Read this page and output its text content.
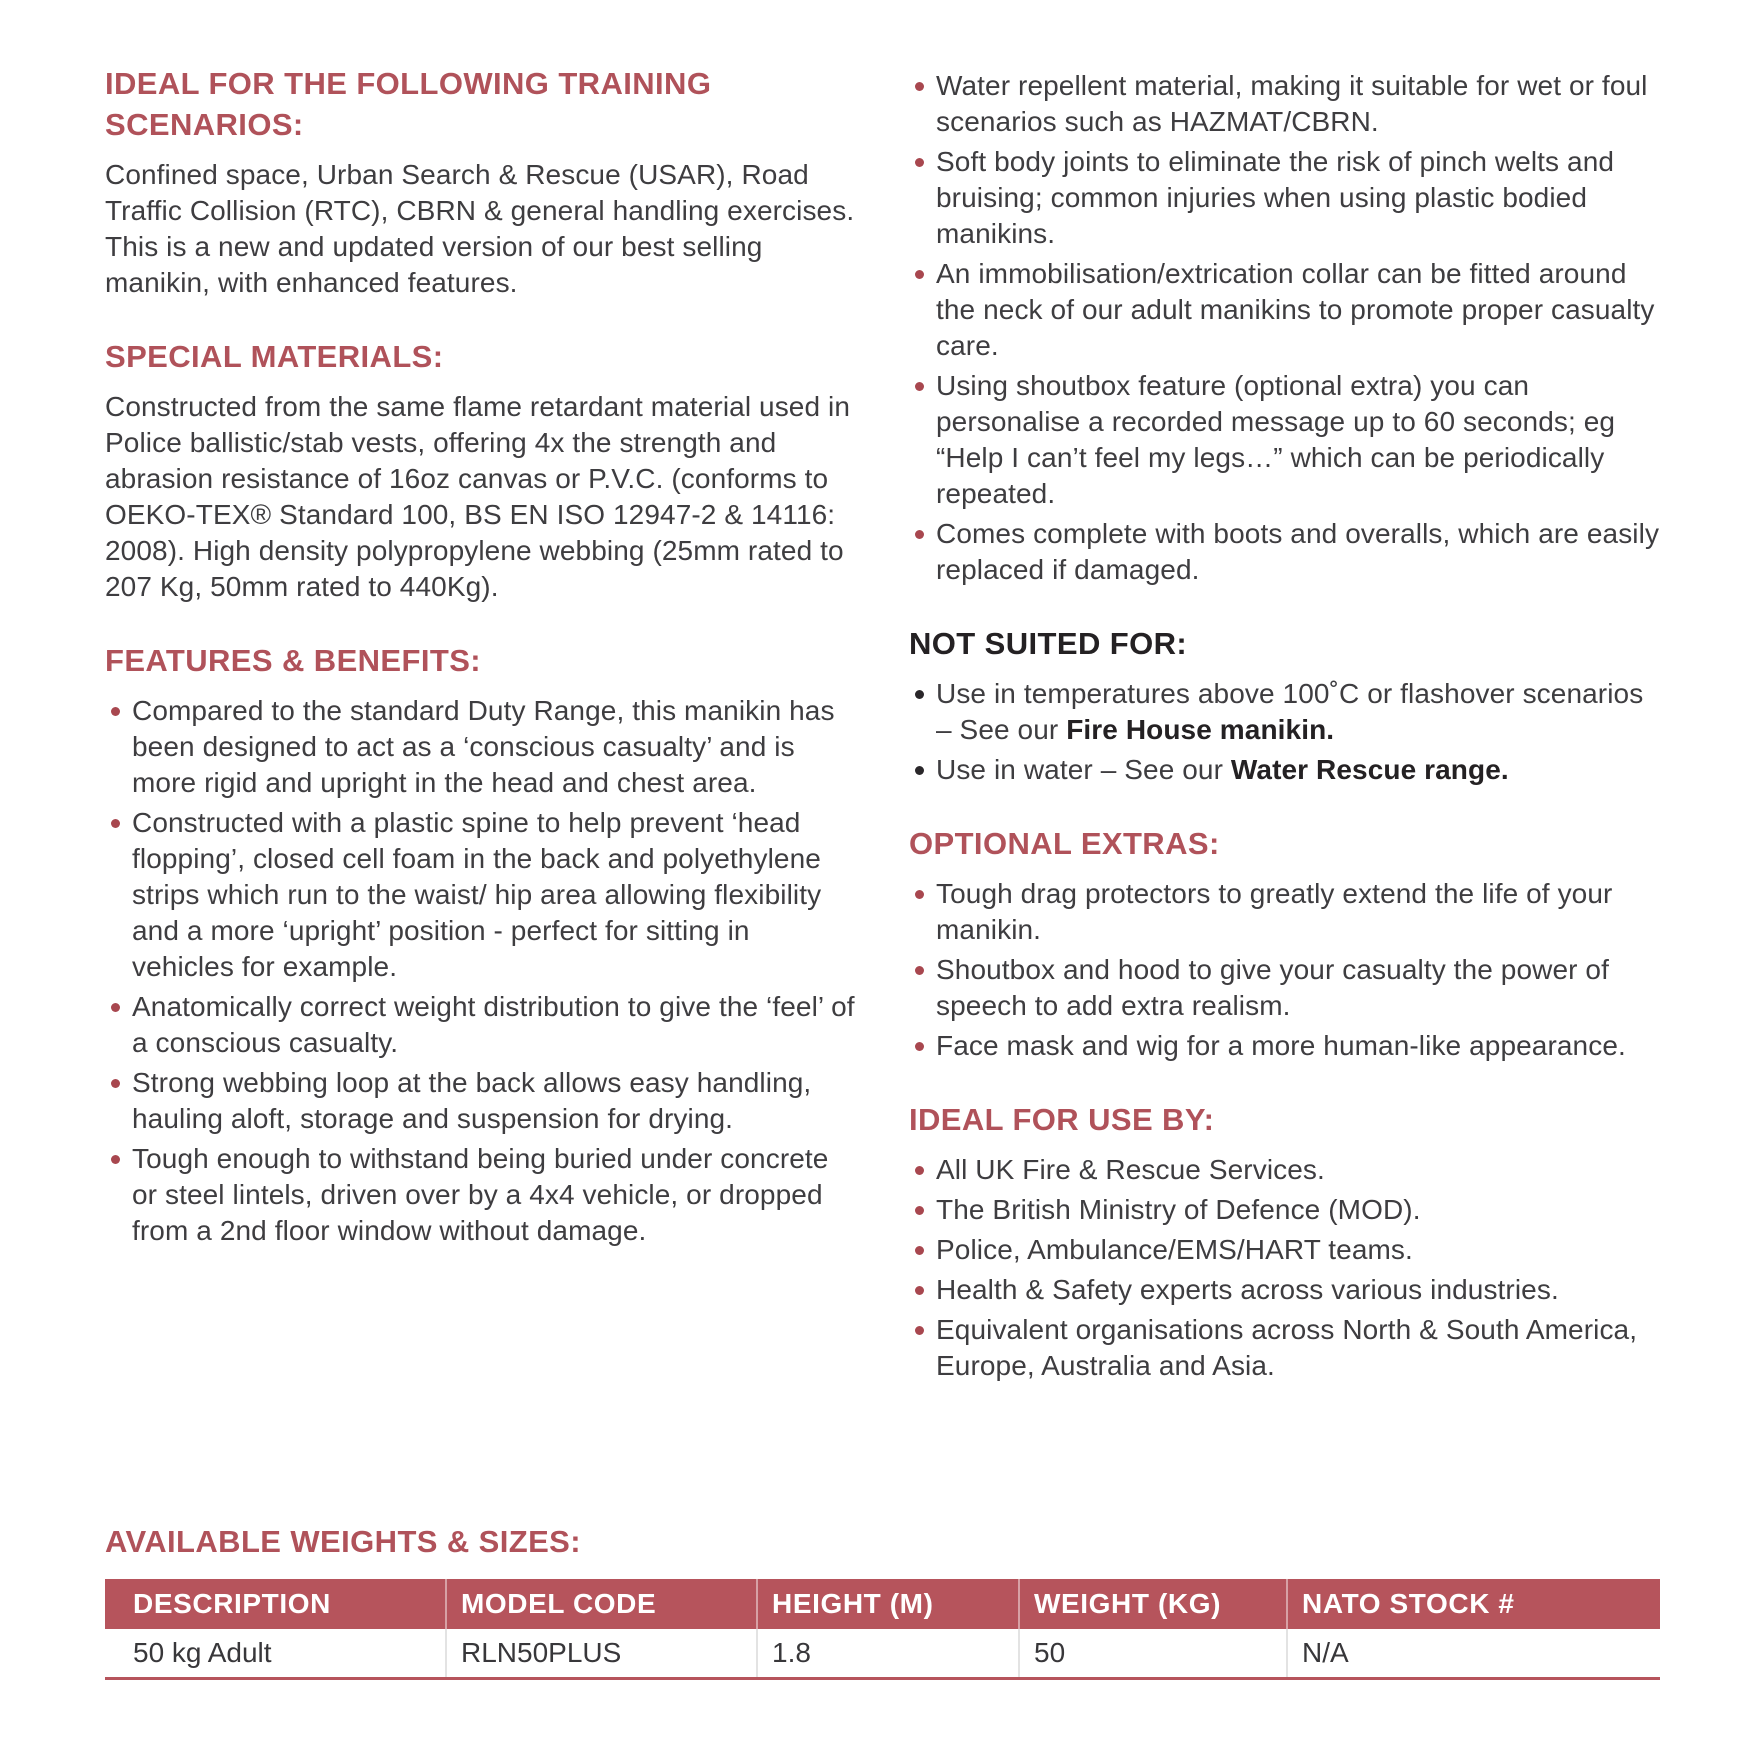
IDEAL FOR THE FOLLOWING TRAINING SCENARIOS:

Confined space, Urban Search & Rescue (USAR), Road Traffic Collision (RTC), CBRN & general handling exercises. This is a new and updated version of our best selling manikin, with enhanced features.

SPECIAL MATERIALS:

Constructed from the same flame retardant material used in Police ballistic/stab vests, offering 4x the strength and abrasion resistance of 16oz canvas or P.V.C. (conforms to OEKO-TEX® Standard 100, BS EN ISO 12947-2 & 14116: 2008). High density polypropylene webbing (25mm rated to 207 Kg, 50mm rated to 440Kg).

FEATURES & BENEFITS:
Compared to the standard Duty Range, this manikin has been designed to act as a ‘conscious casualty’ and is more rigid and upright in the head and chest area.
Constructed with a plastic spine to help prevent ‘head flopping’, closed cell foam in the back and polyethylene strips which run to the waist/ hip area allowing flexibility and a more ‘upright’ position - perfect for sitting in vehicles for example.
Anatomically correct weight distribution to give the ‘feel’ of a conscious casualty.
Strong webbing loop at the back allows easy handling, hauling aloft, storage and suspension for drying.
Tough enough to withstand being buried under concrete or steel lintels, driven over by a 4x4 vehicle, or dropped from a 2nd floor window without damage.
Water repellent material, making it suitable for wet or foul scenarios such as HAZMAT/CBRN.
Soft body joints to eliminate the risk of pinch welts and bruising; common injuries when using plastic bodied manikins.
An immobilisation/extrication collar can be fitted around the neck of our adult manikins to promote proper casualty care.
Using shoutbox feature (optional extra) you can personalise a recorded message up to 60 seconds; eg “Help I can’t feel my legs…” which can be periodically repeated.
Comes complete with boots and overalls, which are easily replaced if damaged.
NOT SUITED FOR:
Use in temperatures above 100˚C or flashover scenarios – See our Fire House manikin.
Use in water – See our Water Rescue range.
OPTIONAL EXTRAS:
Tough drag protectors to greatly extend the life of your manikin.
Shoutbox and hood to give your casualty the power of speech to add extra realism.
Face mask and wig for a more human-like appearance.
IDEAL FOR USE BY:
All UK Fire & Rescue Services.
The British Ministry of Defence (MOD).
Police, Ambulance/EMS/HART teams.
Health & Safety experts across various industries.
Equivalent organisations across North & South America, Europe, Australia and Asia.
AVAILABLE WEIGHTS & SIZES:
DESCRIPTION	MODEL CODE	HEIGHT (M)	WEIGHT (KG)	NATO STOCK #
50 kg Adult	RLN50PLUS	1.8	50	N/A
